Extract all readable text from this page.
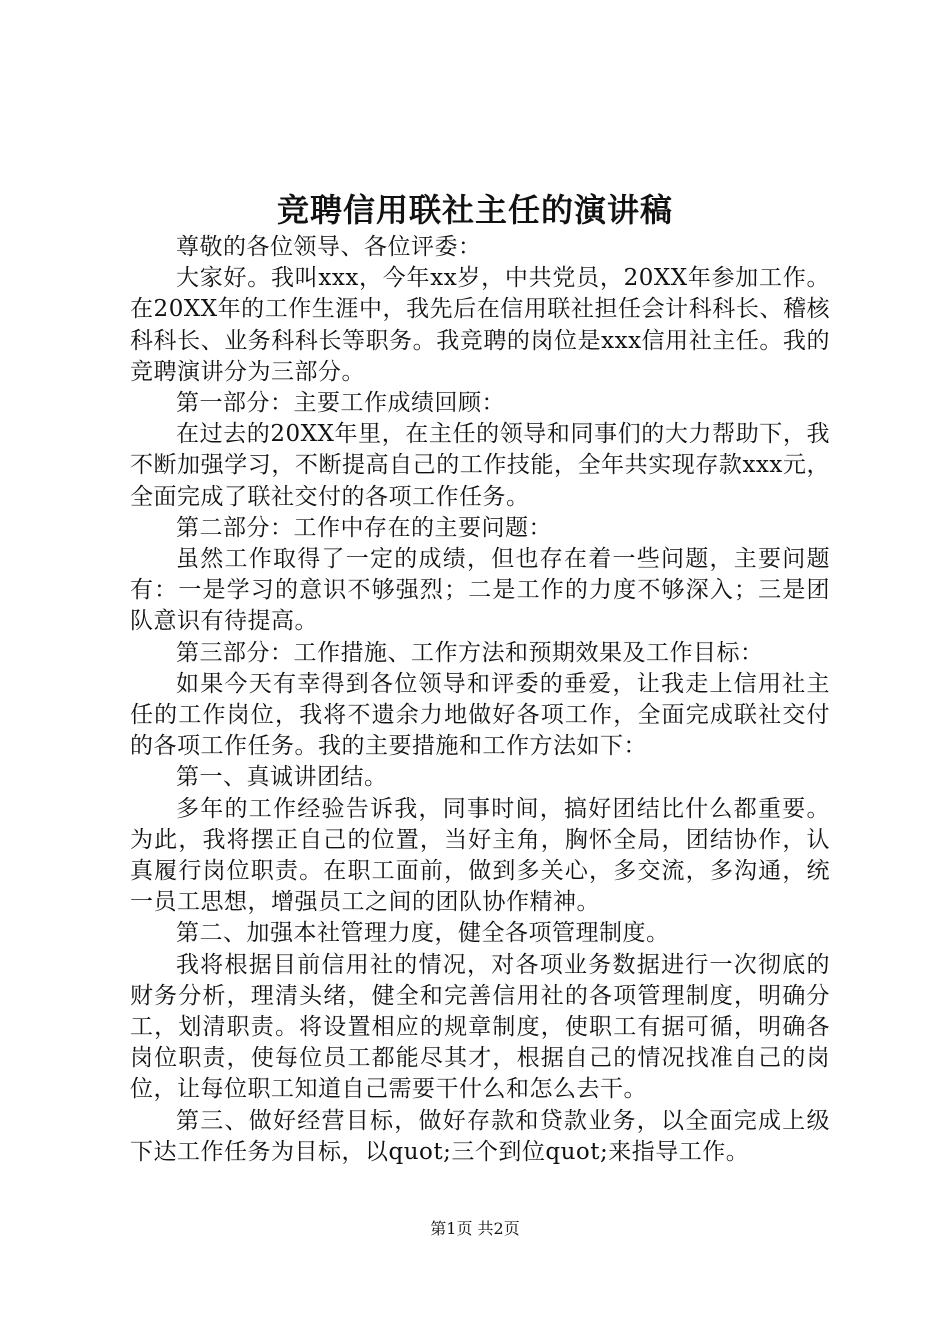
竞聘信用联社主任的演讲稿

尊敬的各位领导、各位评委：

大家好。我叫xxx，今年xx岁，中共党员，20XX年参加工作。在20XX年的工作生涯中，我先后在信用联社担任会计科科长、稽核科科长、业务科科长等职务。我竞聘的岗位是xxx信用社主任。我的竞聘演讲分为三部分。

第一部分：主要工作成绩回顾：

在过去的20XX年里，在主任的领导和同事们的大力帮助下，我不断加强学习，不断提高自己的工作技能，全年共实现存款xxx元，全面完成了联社交付的各项工作任务。

第二部分：工作中存在的主要问题：

虽然工作取得了一定的成绩，但也存在着一些问题，主要问题有：一是学习的意识不够强烈；二是工作的力度不够深入；三是团队意识有待提高。

第三部分：工作措施、工作方法和预期效果及工作目标：

如果今天有幸得到各位领导和评委的垂爱，让我走上信用社主任的工作岗位，我将不遗余力地做好各项工作，全面完成联社交付的各项工作任务。我的主要措施和工作方法如下：

第一、真诚讲团结。

多年的工作经验告诉我，同事时间，搞好团结比什么都重要。为此，我将摆正自己的位置，当好主角，胸怀全局，团结协作，认真履行岗位职责。在职工面前，做到多关心，多交流，多沟通，统一员工思想，增强员工之间的团队协作精神。

第二、加强本社管理力度，健全各项管理制度。

我将根据目前信用社的情况，对各项业务数据进行一次彻底的财务分析，理清头绪，健全和完善信用社的各项管理制度，明确分工，划清职责。将设置相应的规章制度，使职工有据可循，明确各岗位职责，使每位员工都能尽其才，根据自己的情况找准自己的岗位，让每位职工知道自己需要干什么和怎么去干。

第三、做好经营目标，做好存款和贷款业务，以全面完成上级下达工作任务为目标，以quot;三个到位quot;来指导工作。

第1页 共2页
